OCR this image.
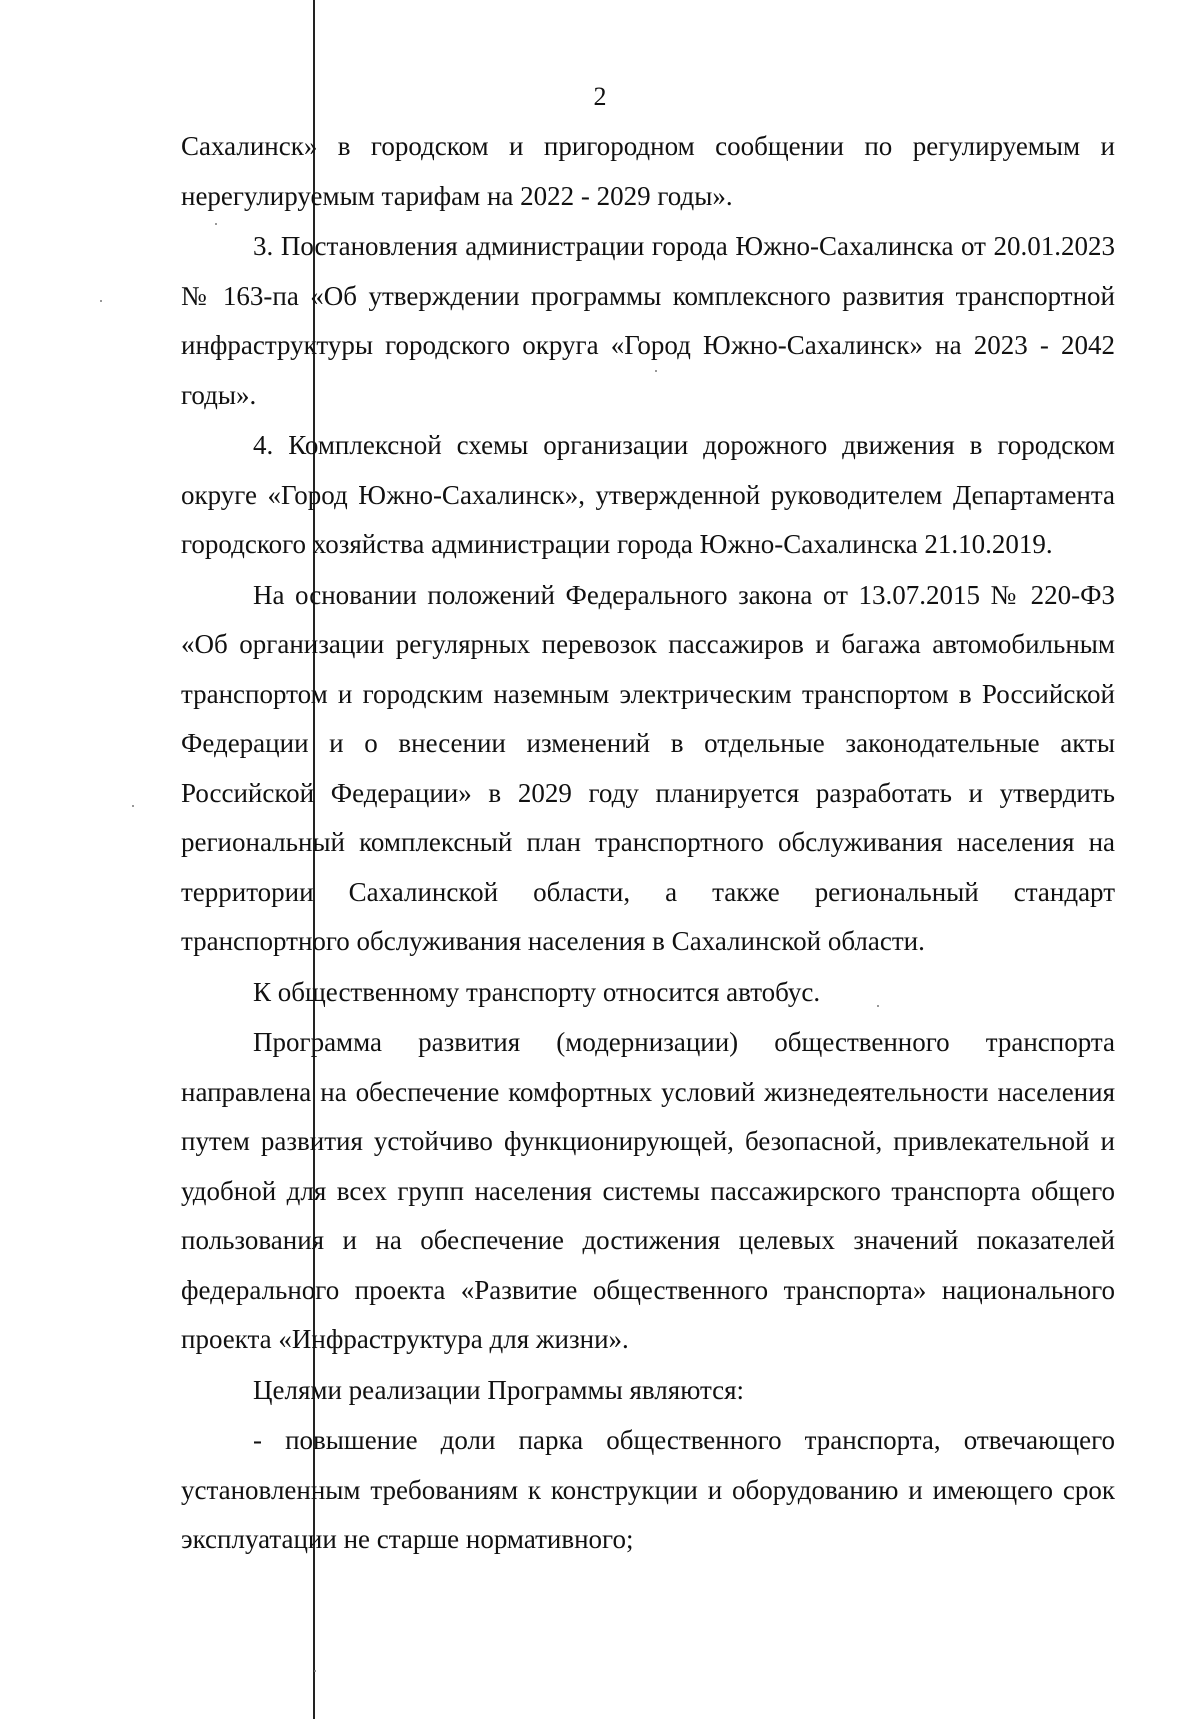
2

Сахалинск» в городском и пригородном сообщении по регулируемым и нерегулируемым тарифам на 2022 - 2029 годы».

3. Постановления администрации города Южно-Сахалинска от 20.01.2023 № 163-па «Об утверждении программы комплексного развития транспортной инфраструктуры городского округа «Город Южно-Сахалинск» на 2023 - 2042 годы».

4. Комплексной схемы организации дорожного движения в городском округе «Город Южно-Сахалинск», утвержденной руководителем Департамента городского хозяйства администрации города Южно-Сахалинска 21.10.2019.

На основании положений Федерального закона от 13.07.2015 № 220-ФЗ «Об организации регулярных перевозок пассажиров и багажа автомобильным транспортом и городским наземным электрическим транспортом в Российской Федерации и о внесении изменений в отдельные законодательные акты Российской Федерации» в 2029 году планируется разработать и утвердить региональный комплексный план транспортного обслуживания населения на территории Сахалинской области, а также региональный стандарт транспортного обслуживания населения в Сахалинской области.

К общественному транспорту относится автобус.

Программа развития (модернизации) общественного транспорта направлена на обеспечение комфортных условий жизнедеятельности населения путем развития устойчиво функционирующей, безопасной, привлекательной и удобной для всех групп населения системы пассажирского транспорта общего пользования и на обеспечение достижения целевых значений показателей федерального проекта «Развитие общественного транспорта» национального проекта «Инфраструктура для жизни».

Целями реализации Программы являются:

- повышение доли парка общественного транспорта, отвечающего установленным требованиям к конструкции и оборудованию и имеющего срок эксплуатации не старше нормативного;
